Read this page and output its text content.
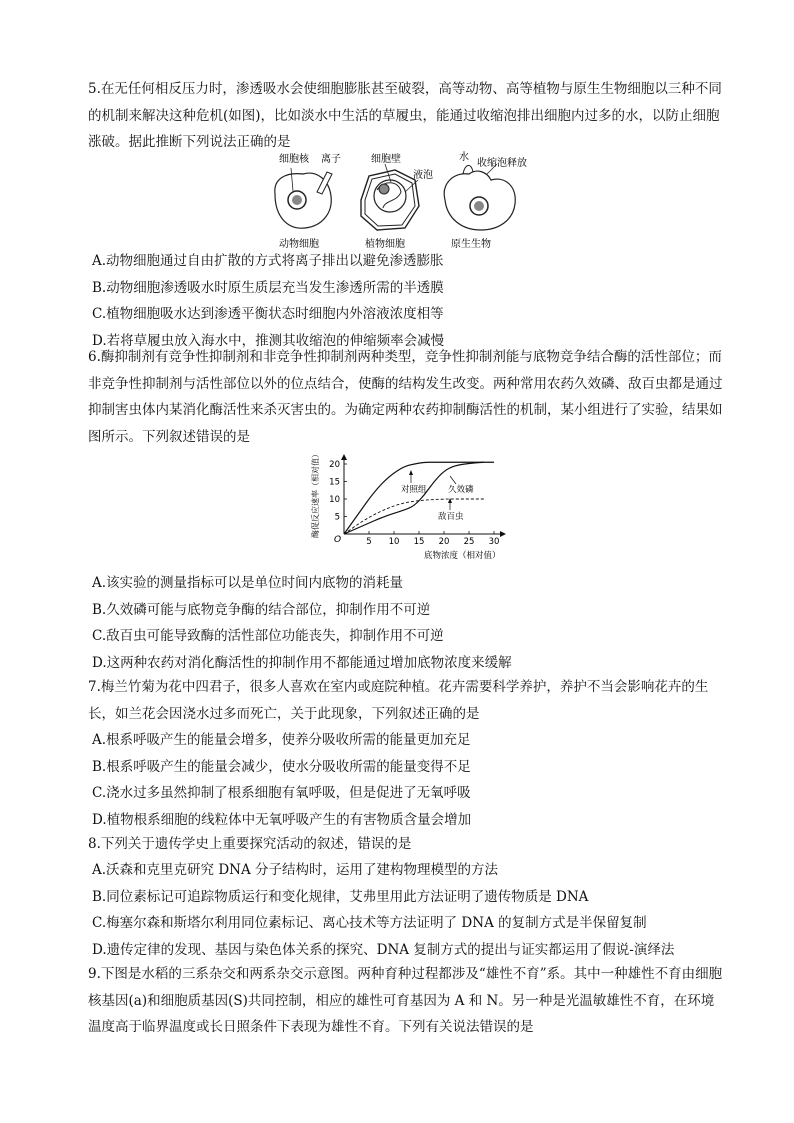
5.在无任何相反压力时，渗透吸水会使细胞膨胀甚至破裂，高等动物、高等植物与原生生物细胞以三种不同的机制来解决这种危机(如图)，比如淡水中生活的草履虫，能通过收缩泡排出细胞内过多的水，以防止细胞涨破。据此推断下列说法正确的是

细胞核 离子	细胞壁
液泡
水
收缩泡释放
动物细胞	植物细胞	原生生物
A.动物细胞通过自由扩散的方式将离子排出以避免渗透膨胀
B.动物细胞渗透吸水时原生质层充当发生渗透所需的半透膜
C.植物细胞吸水达到渗透平衡状态时细胞内外溶液浓度相等
D.若将草履虫放入海水中，推测其收缩泡的伸缩频率会减慢

6.酶抑制剂有竞争性抑制剂和非竞争性抑制剂两种类型，竞争性抑制剂能与底物竞争结合酶的活性部位；而非竞争性抑制剂与活性部位以外的位点结合，使酶的结构发生改变。两种常用农药久效磷、敌百虫都是通过抑制害虫体内某消化酶活性来杀灭害虫的。为确定两种农药抑制酶活性的机制，某小组进行了实验，结果如图所示。下列叙述错误的是

5
10
15
20
5 10 15 20 25 30
O
酶促反应速率（相对值）
底物浓度（相对值）
对照组	久效磷
敌百虫
A.该实验的测量指标可以是单位时间内底物的消耗量
B.久效磷可能与底物竞争酶的结合部位，抑制作用不可逆
C.敌百虫可能导致酶的活性部位功能丧失，抑制作用不可逆
D.这两种农药对消化酶活性的抑制作用不都能通过增加底物浓度来缓解

7.梅兰竹菊为花中四君子，很多人喜欢在室内或庭院种植。花卉需要科学养护，养护不当会影响花卉的生长，如兰花会因浇水过多而死亡，关于此现象，下列叙述正确的是

A.根系呼吸产生的能量会增多，使养分吸收所需的能量更加充足
B.根系呼吸产生的能量会减少，使水分吸收所需的能量变得不足
C.浇水过多虽然抑制了根系细胞有氧呼吸，但是促进了无氧呼吸
D.植物根系细胞的线粒体中无氧呼吸产生的有害物质含量会增加

8.下列关于遗传学史上重要探究活动的叙述，错误的是

A.沃森和克里克研究 DNA 分子结构时，运用了建构物理模型的方法
B.同位素标记可追踪物质运行和变化规律，艾弗里用此方法证明了遗传物质是 DNA
C.梅塞尔森和斯塔尔利用同位素标记、离心技术等方法证明了 DNA 的复制方式是半保留复制
D.遗传定律的发现、基因与染色体关系的探究、DNA 复制方式的提出与证实都运用了假说-演绎法

9.下图是水稻的三系杂交和两系杂交示意图。两种育种过程都涉及“雄性不育”系。其中一种雄性不育由细胞核基因(a)和细胞质基因(S)共同控制，相应的雄性可育基因为 A 和 N。另一种是光温敏雄性不育，在环境温度高于临界温度或长日照条件下表现为雄性不育。下列有关说法错误的是
